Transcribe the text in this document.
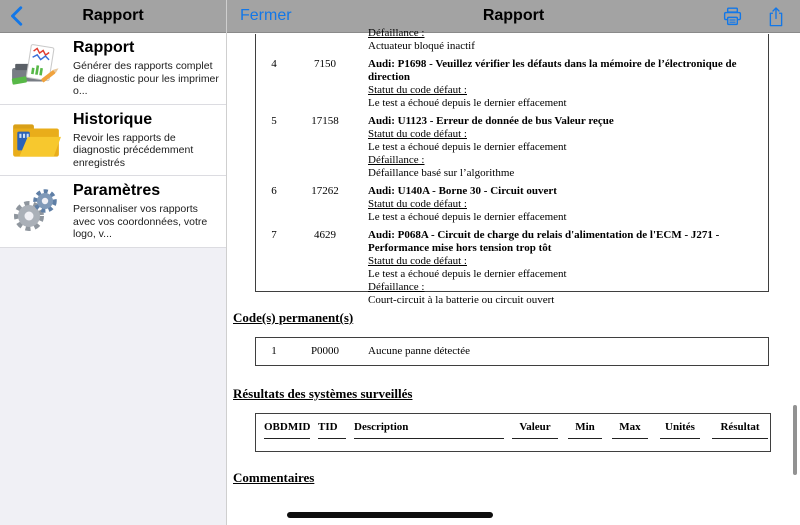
Rapport
Rapport
Générer des rapports complet de diagnostic pour les imprimer o...
Historique
Revoir les rapports de diagnostic précédemment enregistrés
Paramètres
Personnaliser vos rapports avec vos coordonnées, votre logo, v...
Fermer	Rapport
Défaillance :
Actuateur bloqué inactif
4	7150	Audi: P1698 - Veuillez vérifier les défauts dans la mémoire de l’électronique de direction
Statut du code défaut :
Le test a échoué depuis le dernier effacement
5	17158	Audi: U1123 - Erreur de donnée de bus Valeur reçue
Statut du code défaut :
Le test a échoué depuis le dernier effacement
Défaillance :
Défaillance basé sur l’algorithme
6	17262	Audi: U140A - Borne 30 - Circuit ouvert
Statut du code défaut :
Le test a échoué depuis le dernier effacement
7	4629	Audi: P068A - Circuit de charge du relais d'alimentation de l'ECM - J271 - Performance mise hors tension trop tôt
Statut du code défaut :
Le test a échoué depuis le dernier effacement
Défaillance :
Court-circuit à la batterie ou circuit ouvert
Code(s) permanent(s)
1	P0000	Aucune panne détectée
Résultats des systèmes surveillés
OBDMID TID Description	Valeur Min Max Unités Résultat
Commentaires
